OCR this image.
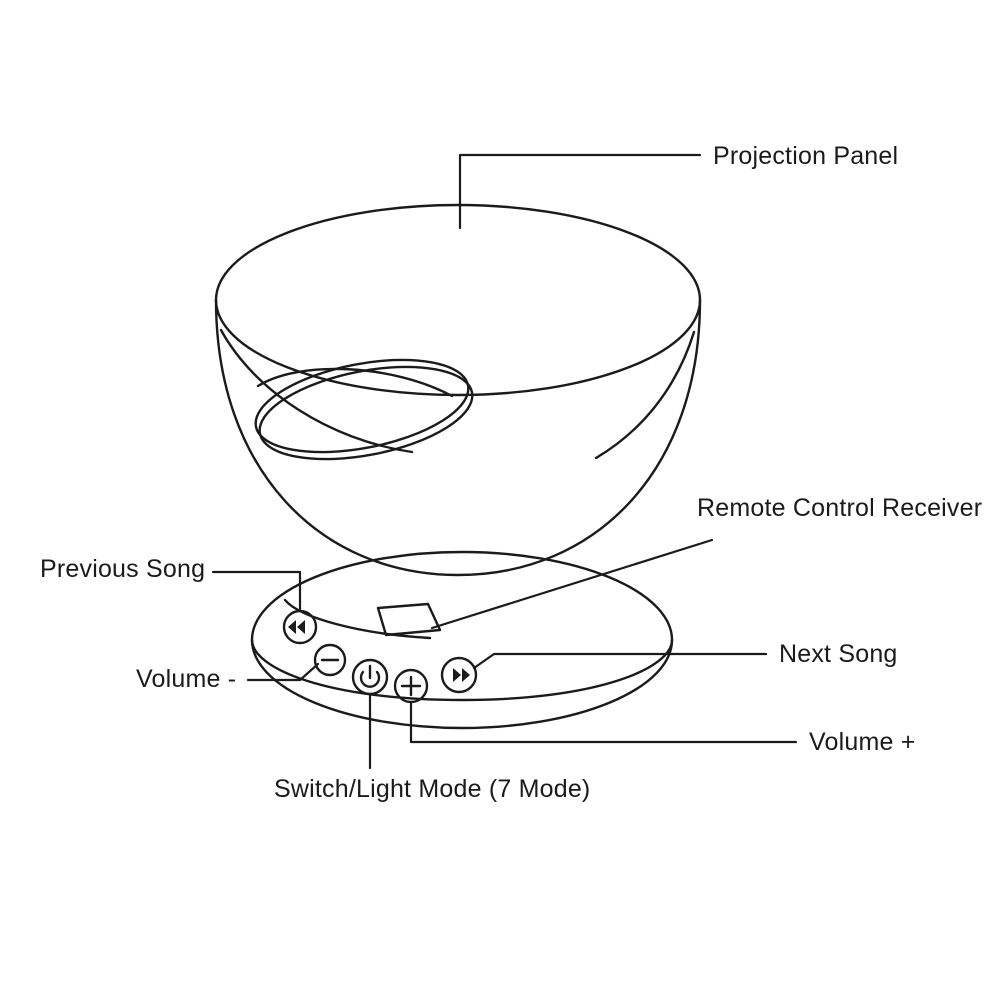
Projection Panel
Remote Control Receiver
Previous Song
Next Song
Volume -
Volume +
Switch/Light Mode (7 Mode)
